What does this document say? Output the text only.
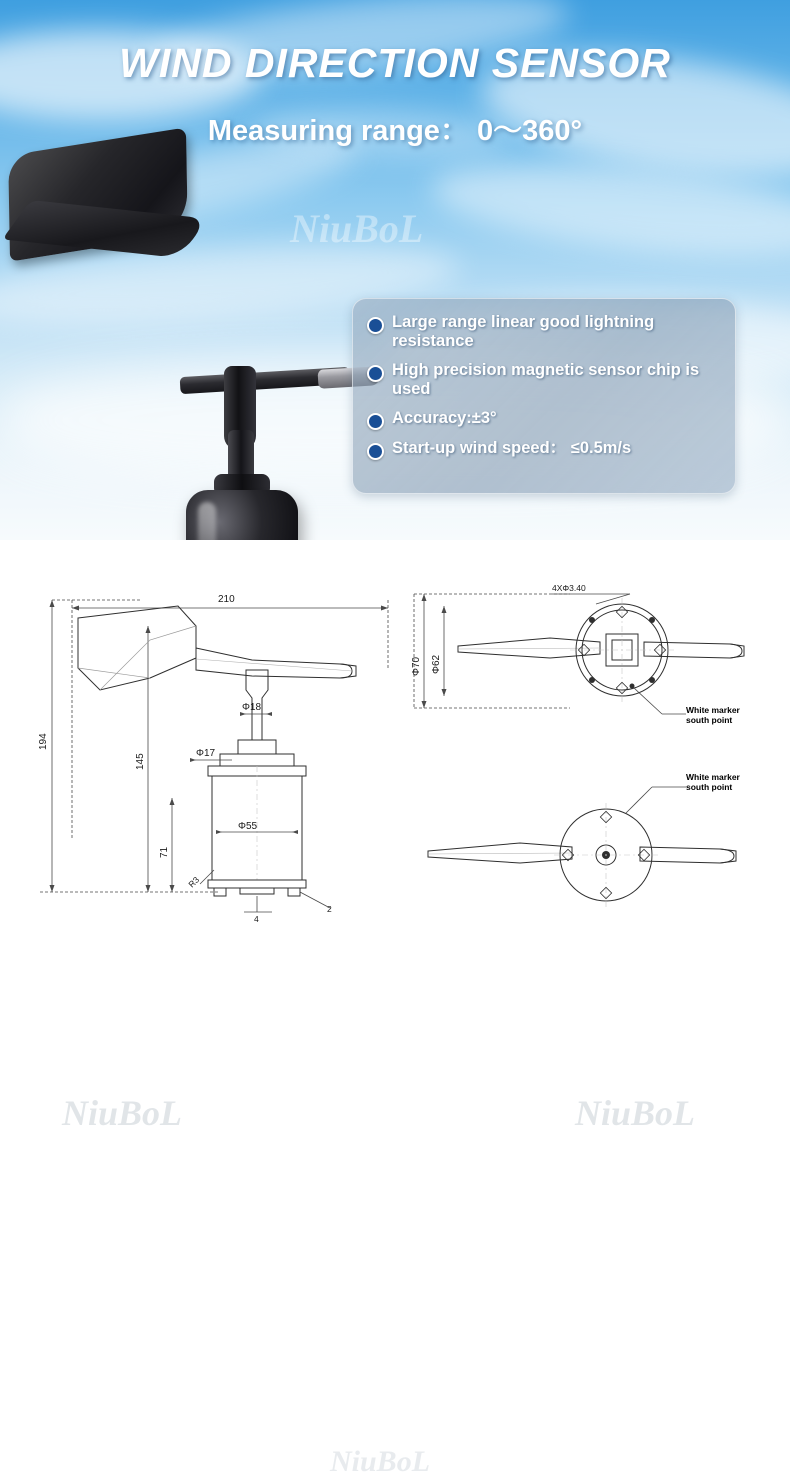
WIND DIRECTION SENSOR
Measuring range： 0～360°
NiuBoL
Large range linear good lightning resistance
High precision magnetic sensor chip is used
Accuracy:±3°
Start-up wind speed： ≤0.5m/s
NiuBoL	NiuBoL
NiuBoL
210
194
145
71
Φ18
Φ17
Φ55
R3
4
2
Φ70 Φ62
4XΦ3.40
White marker
south point
White marker
south point
